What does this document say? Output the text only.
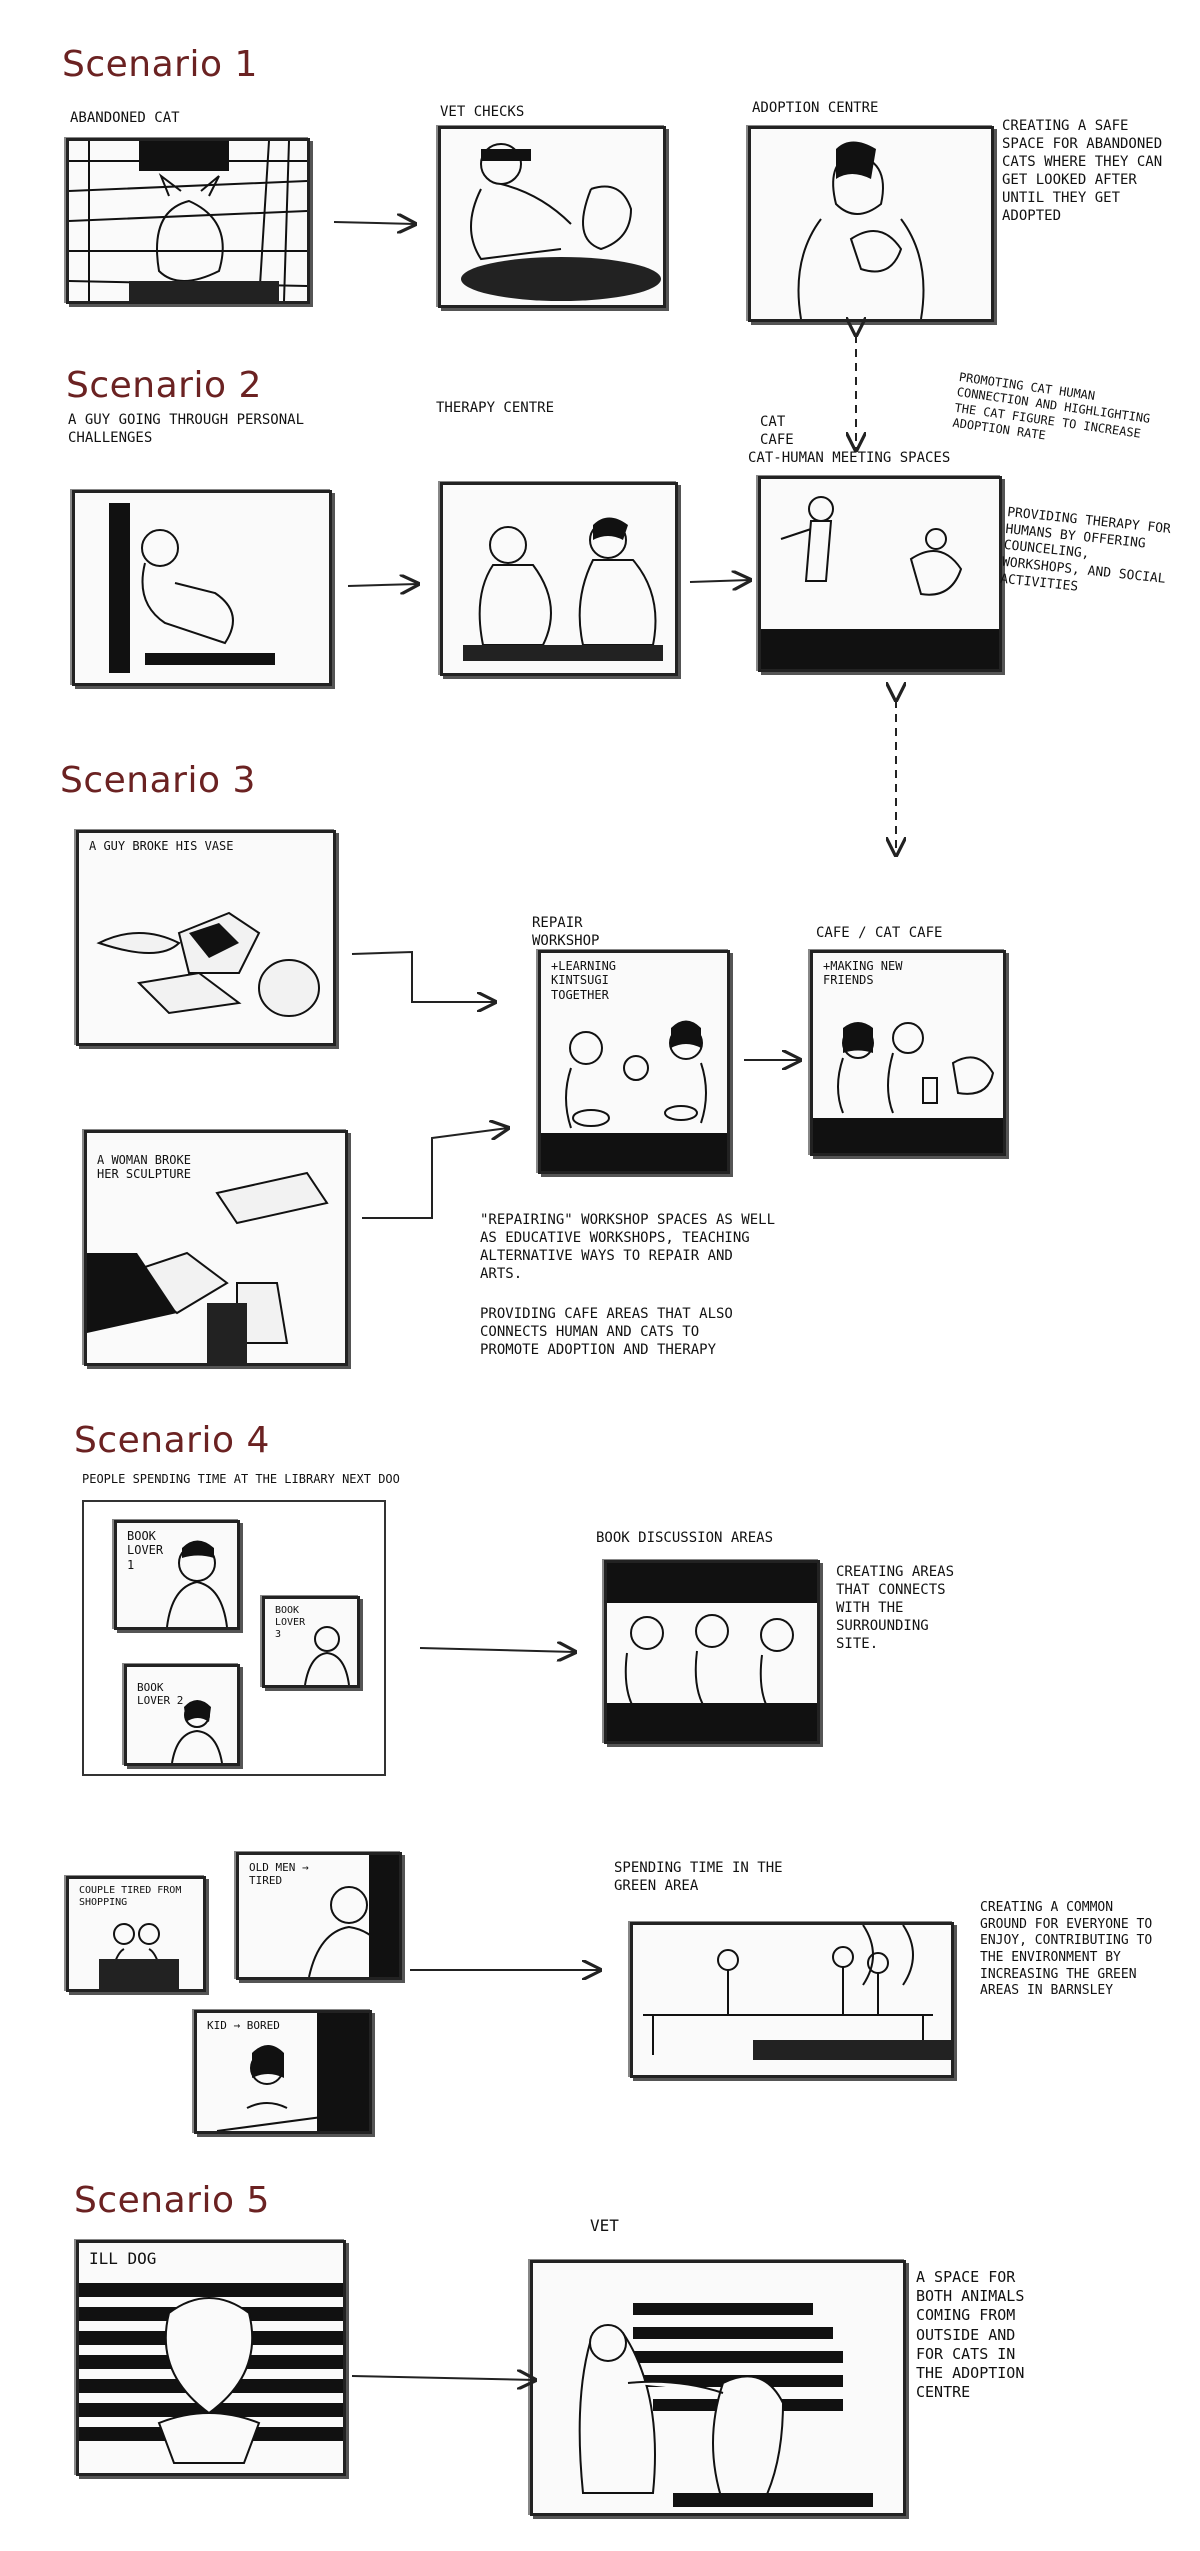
Scenario 1
ABANDONED CAT	VET CHECKS	ADOPTION CENTRE
CREATING A SAFE SPACE FOR ABANDONED CATS WHERE THEY CAN GET LOOKED AFTER UNTIL THEY GET ADOPTED
Scenario 2
A GUY GOING THROUGH PERSONAL CHALLENGES
THERAPY CENTRE
CAT CAFE
CAT-HUMAN MEETING SPACES
PROMOTING CAT HUMAN CONNECTION AND HIGHLIGHTING THE CAT FIGURE TO INCREASE ADOPTION RATE
PROVIDING THERAPY FOR HUMANS BY OFFERING COUNCELING, WORKSHOPS, AND SOCIAL ACTIVITIES
Scenario 3
A GUY BROKE HIS VASE
A WOMAN BROKE HER SCULPTURE
REPAIR WORKSHOP
+LEARNING KINTSUGI TOGETHER
CAFE / CAT CAFE
+MAKING NEW FRIENDS
"REPAIRING" WORKSHOP SPACES AS WELL AS EDUCATIVE WORKSHOPS, TEACHING ALTERNATIVE WAYS TO REPAIR AND ARTS.
PROVIDING CAFE AREAS THAT ALSO CONNECTS HUMAN AND CATS TO PROMOTE ADOPTION AND THERAPY
Scenario 4
PEOPLE SPENDING TIME AT THE LIBRARY NEXT DOO
BOOK LOVER 1
BOOK LOVER 3
BOOK LOVER 2
BOOK DISCUSSION AREAS
CREATING AREAS THAT CONNECTS WITH THE SURROUNDING SITE.
COUPLE TIRED FROM SHOPPING
OLD MEN → TIRED
KID → BORED
SPENDING TIME IN THE GREEN AREA
CREATING A COMMON GROUND FOR EVERYONE TO ENJOY, CONTRIBUTING TO THE ENVIRONMENT BY INCREASING THE GREEN AREAS IN BARNSLEY
Scenario 5
ILL DOG
VET
A SPACE FOR BOTH ANIMALS COMING FROM OUTSIDE AND FOR CATS IN THE ADOPTION CENTRE
